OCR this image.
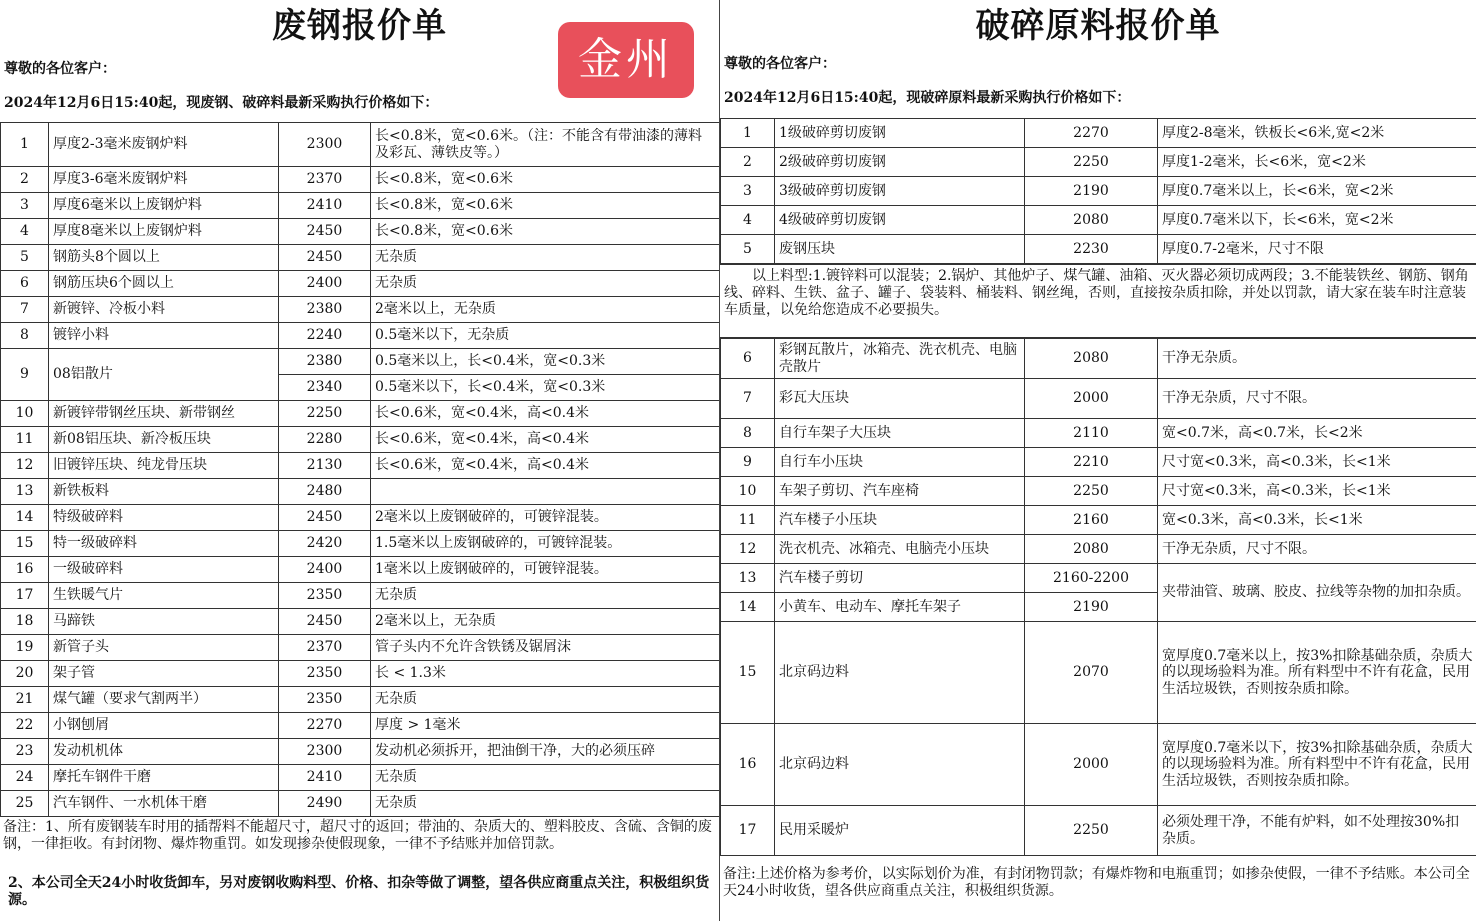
废钢报价单
金州
尊敬的各位客户：
2024年12月6日15:40起，现废钢、破碎料最新采购执行价格如下：
1	厚度2-3毫米废钢炉料	2300	长<0.8米，宽<0.6米。（注：不能含有带油漆的薄料及彩瓦、薄铁皮等。）
2	厚度3-6毫米废钢炉料	2370	长<0.8米，宽<0.6米
3	厚度6毫米以上废钢炉料	2410	长<0.8米，宽<0.6米
4	厚度8毫米以上废钢炉料	2450	长<0.8米，宽<0.6米
5	钢筋头8个圆以上	2450	无杂质
6	钢筋压块6个圆以上	2400	无杂质
7	新镀锌、冷板小料	2380	2毫米以上，无杂质
8	镀锌小料	2240	0.5毫米以下，无杂质
9	08铝散片	2380	0.5毫米以上，长<0.4米，宽<0.3米
		2340	0.5毫米以下，长<0.4米，宽<0.3米
10	新镀锌带钢丝压块、新带钢丝	2250	长<0.6米，宽<0.4米，高<0.4米
11	新08铝压块、新冷板压块	2280	长<0.6米，宽<0.4米，高<0.4米
12	旧镀锌压块、纯龙骨压块	2130	长<0.6米，宽<0.4米，高<0.4米
13	新铁板料	2480	
14	特级破碎料	2450	2毫米以上废钢破碎的，可镀锌混装。
15	特一级破碎料	2420	1.5毫米以上废钢破碎的，可镀锌混装。
16	一级破碎料	2400	1毫米以上废钢破碎的，可镀锌混装。
17	生铁暖气片	2350	无杂质
18	马蹄铁	2450	2毫米以上，无杂质
19	新管子头	2370	管子头内不允许含铁锈及锯屑沫
20	架子管	2350	长 < 1.3米
21	煤气罐（要求气割两半）	2350	无杂质
22	小钢刨屑	2270	厚度 > 1毫米
23	发动机机体	2300	发动机必须拆开，把油倒干净，大的必须压碎
24	摩托车钢件干磨	2410	无杂质
25	汽车钢件、一水机体干磨	2490	无杂质
备注：1、所有废钢装车时用的插帮料不能超尺寸，超尺寸的返回；带油的、杂质大的、塑料胶皮、含硫、含铜的废钢，一律拒收。有封闭物、爆炸物重罚。如发现掺杂使假现象，一律不予结账并加倍罚款。
2、本公司全天24小时收货卸车，另对废钢收购料型、价格、扣杂等做了调整，望各供应商重点关注，积极组织货源。
破碎原料报价单
尊敬的各位客户：
2024年12月6日15:40起，现破碎原料最新采购执行价格如下：
1	1级破碎剪切废钢	2270	厚度2-8毫米，铁板长<6米,宽<2米
2	2级破碎剪切废钢	2250	厚度1-2毫米，长<6米，宽<2米
3	3级破碎剪切废钢	2190	厚度0.7毫米以上，长<6米，宽<2米
4	4级破碎剪切废钢	2080	厚度0.7毫米以下，长<6米，宽<2米
5	废钢压块	2230	厚度0.7-2毫米，尺寸不限
以上料型:1.镀锌料可以混装；2.锅炉、其他炉子、煤气罐、油箱、灭火器必须切成两段；3.不能装铁丝、钢筋、钢角线、碎料、生铁、盆子、罐子、袋装料、桶装料、钢丝绳，否则，直接按杂质扣除，并处以罚款，请大家在装车时注意装车质量，以免给您造成不必要损失。
6	彩钢瓦散片，冰箱壳、洗衣机壳、电脑壳散片	2080	干净无杂质。
7	彩瓦大压块	2000	干净无杂质，尺寸不限。
8	自行车架子大压块	2110	宽<0.7米，高<0.7米，长<2米
9	自行车小压块	2210	尺寸宽<0.3米，高<0.3米，长<1米
10	车架子剪切、汽车座椅	2250	尺寸宽<0.3米，高<0.3米，长<1米
11	汽车楼子小压块	2160	宽<0.3米，高<0.3米，长<1米
12	洗衣机壳、冰箱壳、电脑壳小压块	2080	干净无杂质，尺寸不限。
13	汽车楼子剪切	2160-2200	夹带油管、玻璃、胶皮、拉线等杂物的加扣杂质。
14	小黄车、电动车、摩托车架子	2190	
15	北京码边料	2070	宽厚度0.7毫米以上，按3%扣除基础杂质，杂质大的以现场验料为准。所有料型中不许有花盒，民用生活垃圾铁，否则按杂质扣除。
16	北京码边料	2000	宽厚度0.7毫米以下，按3%扣除基础杂质，杂质大的以现场验料为准。所有料型中不许有花盒，民用生活垃圾铁，否则按杂质扣除。
17	民用采暖炉	2250	必须处理干净，不能有炉料，如不处理按30%扣杂质。
备注:上述价格为参考价，以实际划价为准，有封闭物罚款；有爆炸物和电瓶重罚；如掺杂使假，一律不予结账。本公司全天24小时收货，望各供应商重点关注，积极组织货源。
